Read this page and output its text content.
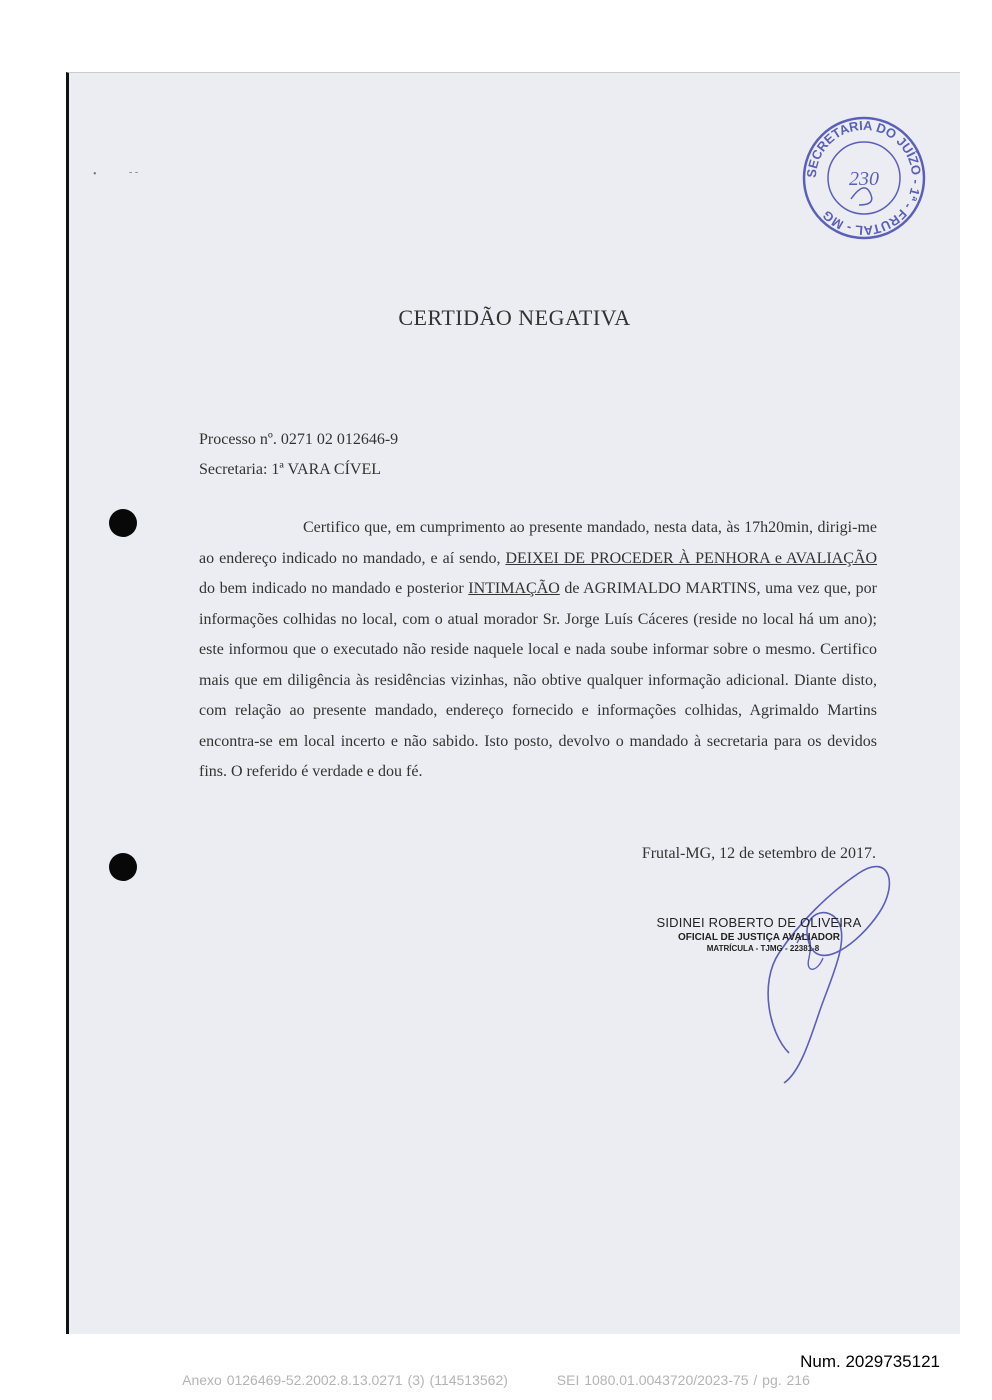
•	- -	SECRETARIA DO JUÍZO - 1ª - FRUTAL - MG
230
CERTIDÃO NEGATIVA
Processo nº. 0271 02 012646-9
Secretaria: 1ª VARA CÍVEL

Certifico que, em cumprimento ao presente mandado, nesta data, às 17h20min, dirigi-me ao endereço indicado no mandado, e aí sendo, DEIXEI DE PROCEDER À PENHORA e AVALIAÇÃO do bem indicado no mandado e posterior INTIMAÇÃO de AGRIMALDO MARTINS, uma vez que, por informações colhidas no local, com o atual morador Sr. Jorge Luís Cáceres (reside no local há um ano); este informou que o executado não reside naquele local e nada soube informar sobre o mesmo. Certifico mais que em diligência às residências vizinhas, não obtive qualquer informação adicional. Diante disto, com relação ao presente mandado, endereço fornecido e informações colhidas, Agrimaldo Martins encontra-se em local incerto e não sabido. Isto posto, devolvo o mandado à secretaria para os devidos fins. O referido é verdade e dou fé.

Frutal-MG, 12 de setembro de 2017.
SIDINEI ROBERTO DE OLIVEIRA
OFICIAL DE JUSTIÇA AVALIADOR
MATRÍCULA - TJMG - 22381-8
Num. 2029735121
Anexo 0126469-52.2002.8.13.0271 (3) (114513562)	SEI 1080.01.0043720/2023-75 / pg. 216
